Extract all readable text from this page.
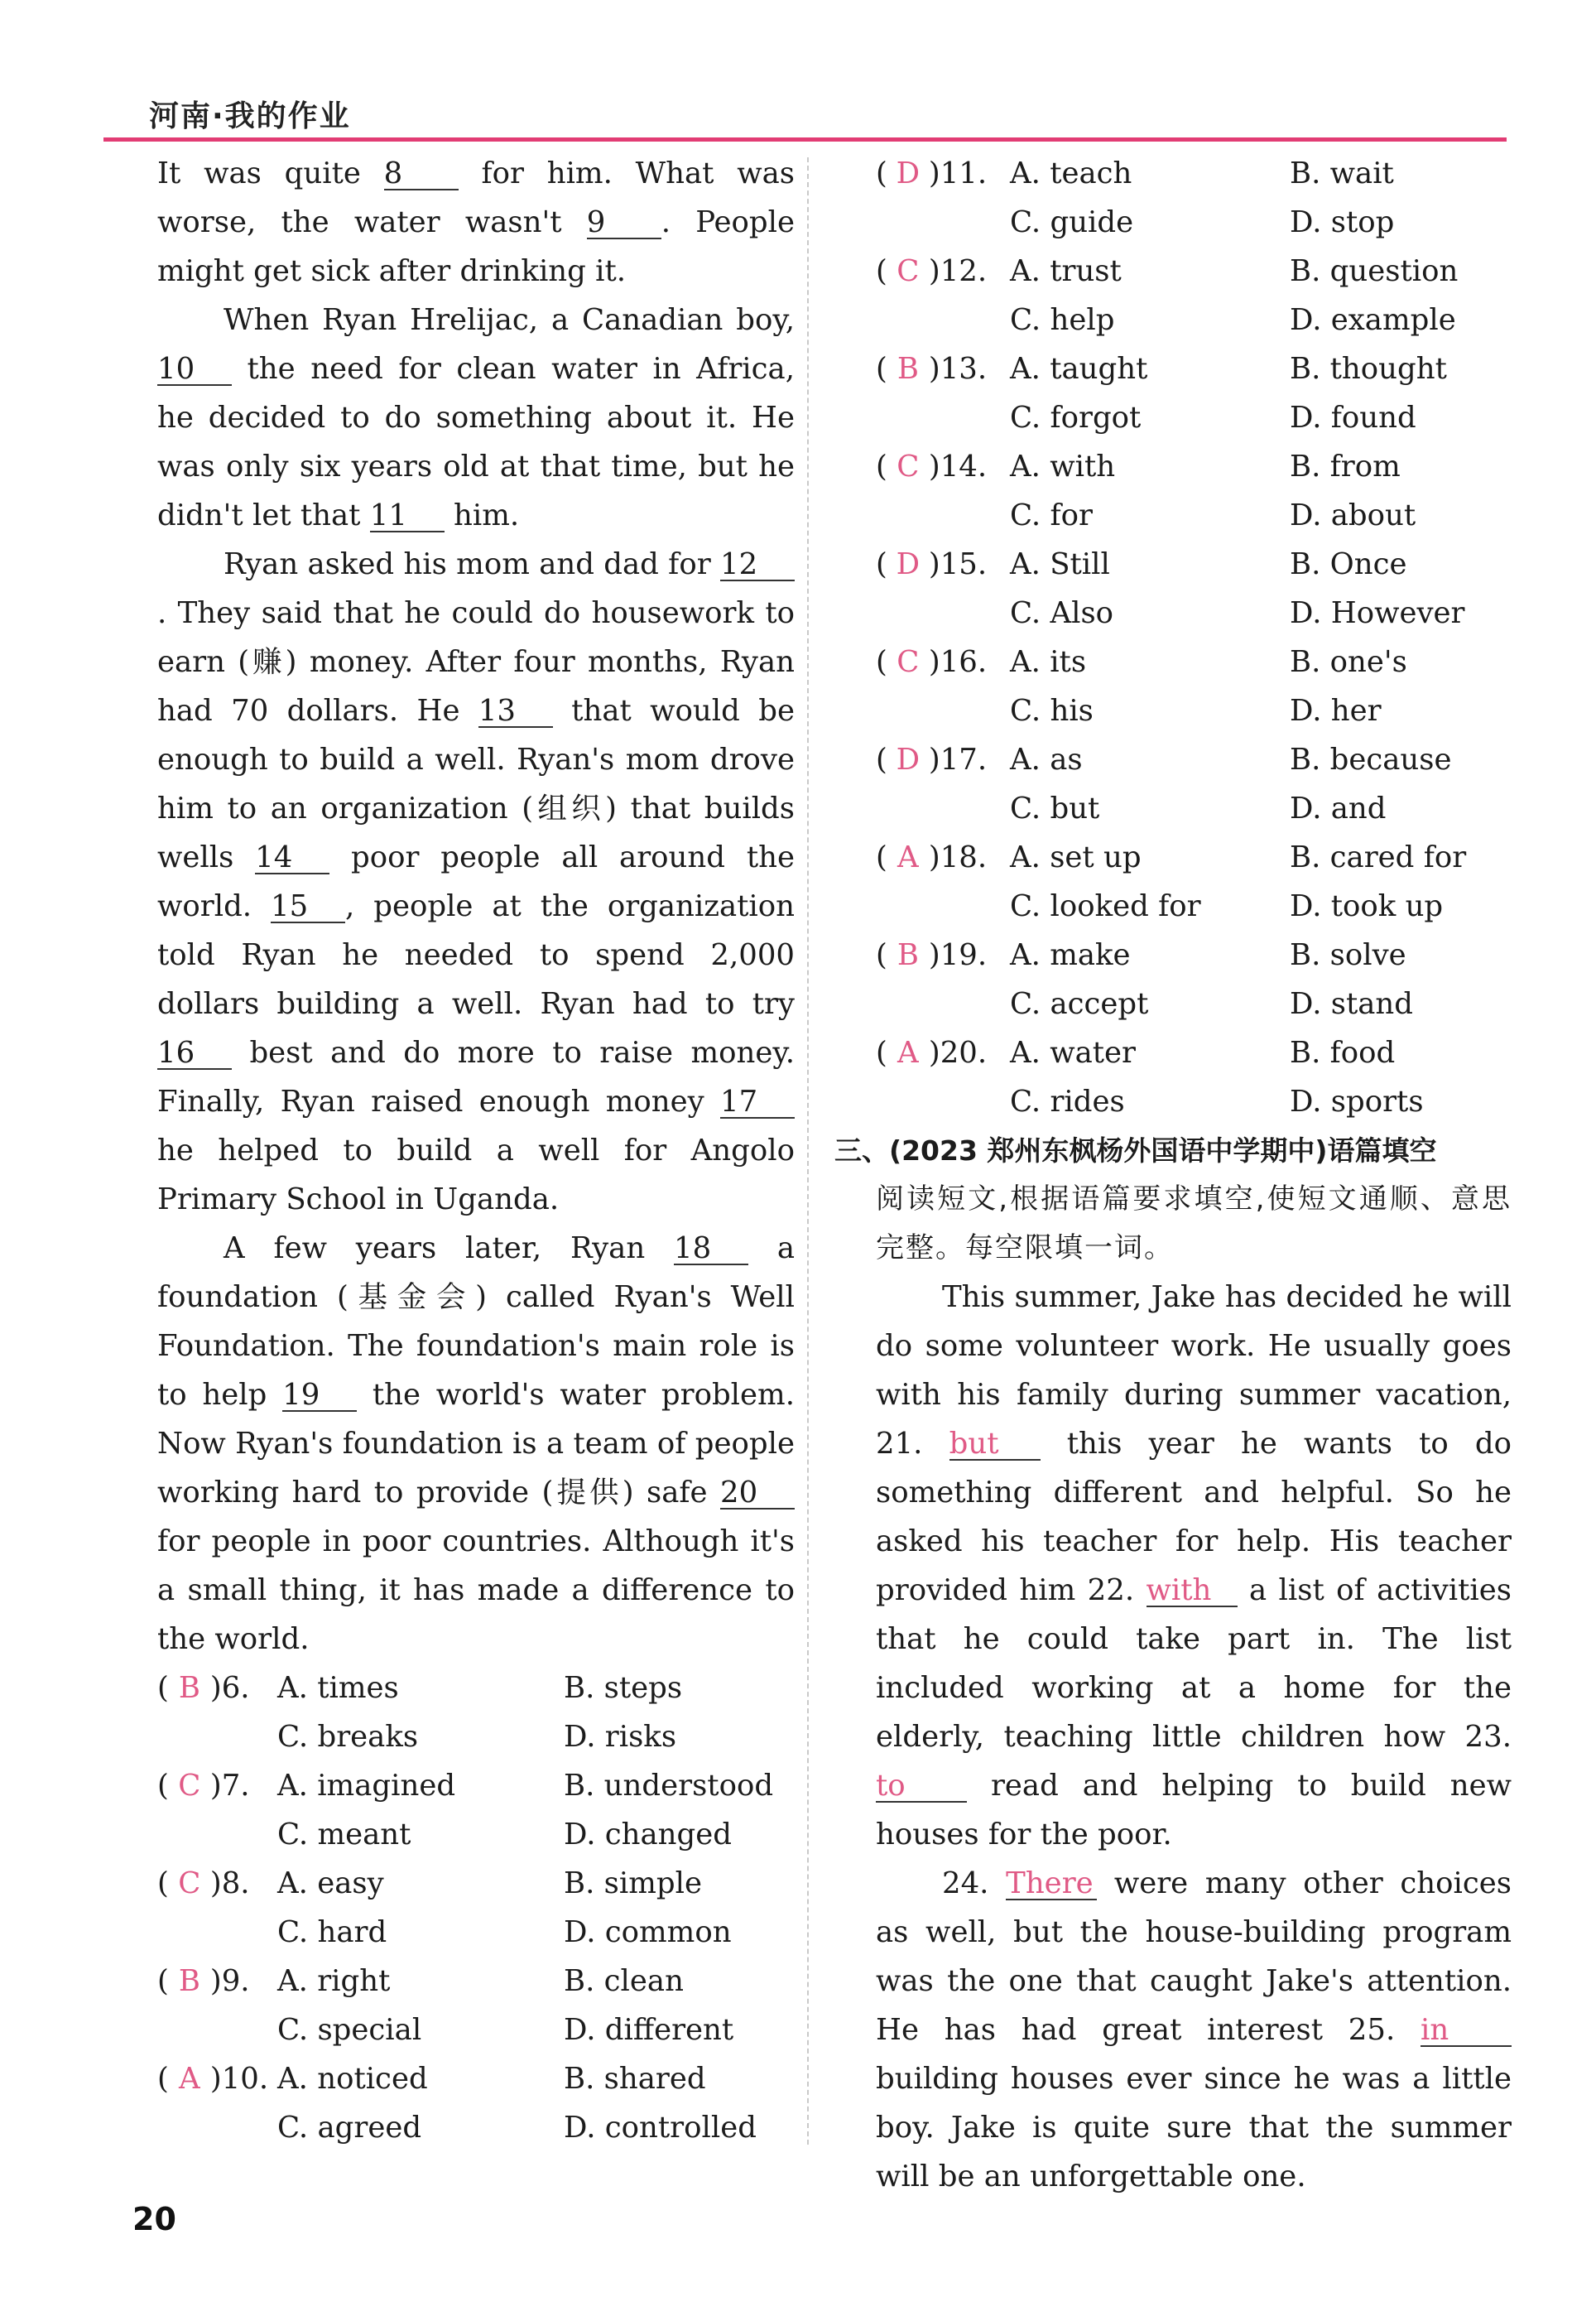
河南·我的作业

It was quite 8	for him. What was worse, the water wasn't 9 . People might get sick after drinking it.

When Ryan Hrelijac, a Canadian boy, 10 the need for clean water in Africa, he decided to do something about it. He was only six years old at that time, but he didn't let that 11 him.

Ryan asked his mom and dad for 12. They said that he could do housework to earn (赚) money. After four months, Ryan had 70 dollars. He 13 that would be enough to build a well. Ryan's mom drove him to an organization (组织) that builds wells 14 poor people all around the world. 15 , people at the organization told Ryan he needed to spend 2,000 dollars building a well. Ryan had to try 16 best and do more to raise money. Finally, Ryan raised enough money 17 he helped to build a well for Angolo Primary School in Uganda.

A few years later, Ryan 18 a foundation (基金会) called Ryan's Well Foundation. The foundation's main role is to help 19 the world's water problem. Now Ryan's foundation is a team of people working hard to provide (提供) safe 20 for people in poor countries. Although it's a small thing, it has made a difference to the world.

( B )6. A. times	B. steps
C. breaks	D. risks
( C )7. A. imagined	B. understood
C. meant	D. changed
( C )8. A. easy	B. simple
C. hard	D. common
( B )9. A. right	B. clean
C. special	D. different
( A )10. A. noticed	B. shared
C. agreed	D. controlled
( D )11. A. teach	B. wait
C. guide	D. stop
( C )12. A. trust	B. question
C. help	D. example
( B )13. A. taught	B. thought
C. forgot	D. found
( C )14. A. with	B. from
C. for	D. about
( D )15. A. Still	B. Once
C. Also	D. However
( C )16. A. its	B. one's
C. his	D. her
( D )17. A. as	B. because
C. but	D. and
( A )18. A. set up	B. cared for
C. looked for	D. took up
( B )19. A. make	B. solve
C. accept	D. stand
( A )20. A. water	B. food
C. rides	D. sports
三、(2023 郑州东枫杨外国语中学期中)语篇填空
阅读短文,根据语篇要求填空,使短文通顺、意思完整。每空限填一词。

This summer, Jake has decided he will do some volunteer work. He usually goes with his family during summer vacation, 21. but this year he wants to do something different and helpful. So he asked his teacher for help. His teacher provided him 22. with a list of activities that he could take part in. The list included working at a home for the elderly, teaching little children how 23. to	read and helping to build new houses for the poor.

24. There were many other choices as well, but the house-building program was the one that caught Jake's attention. He has had great interest 25. in building houses ever since he was a little boy. Jake is quite sure that the summer will be an unforgettable one.

20
